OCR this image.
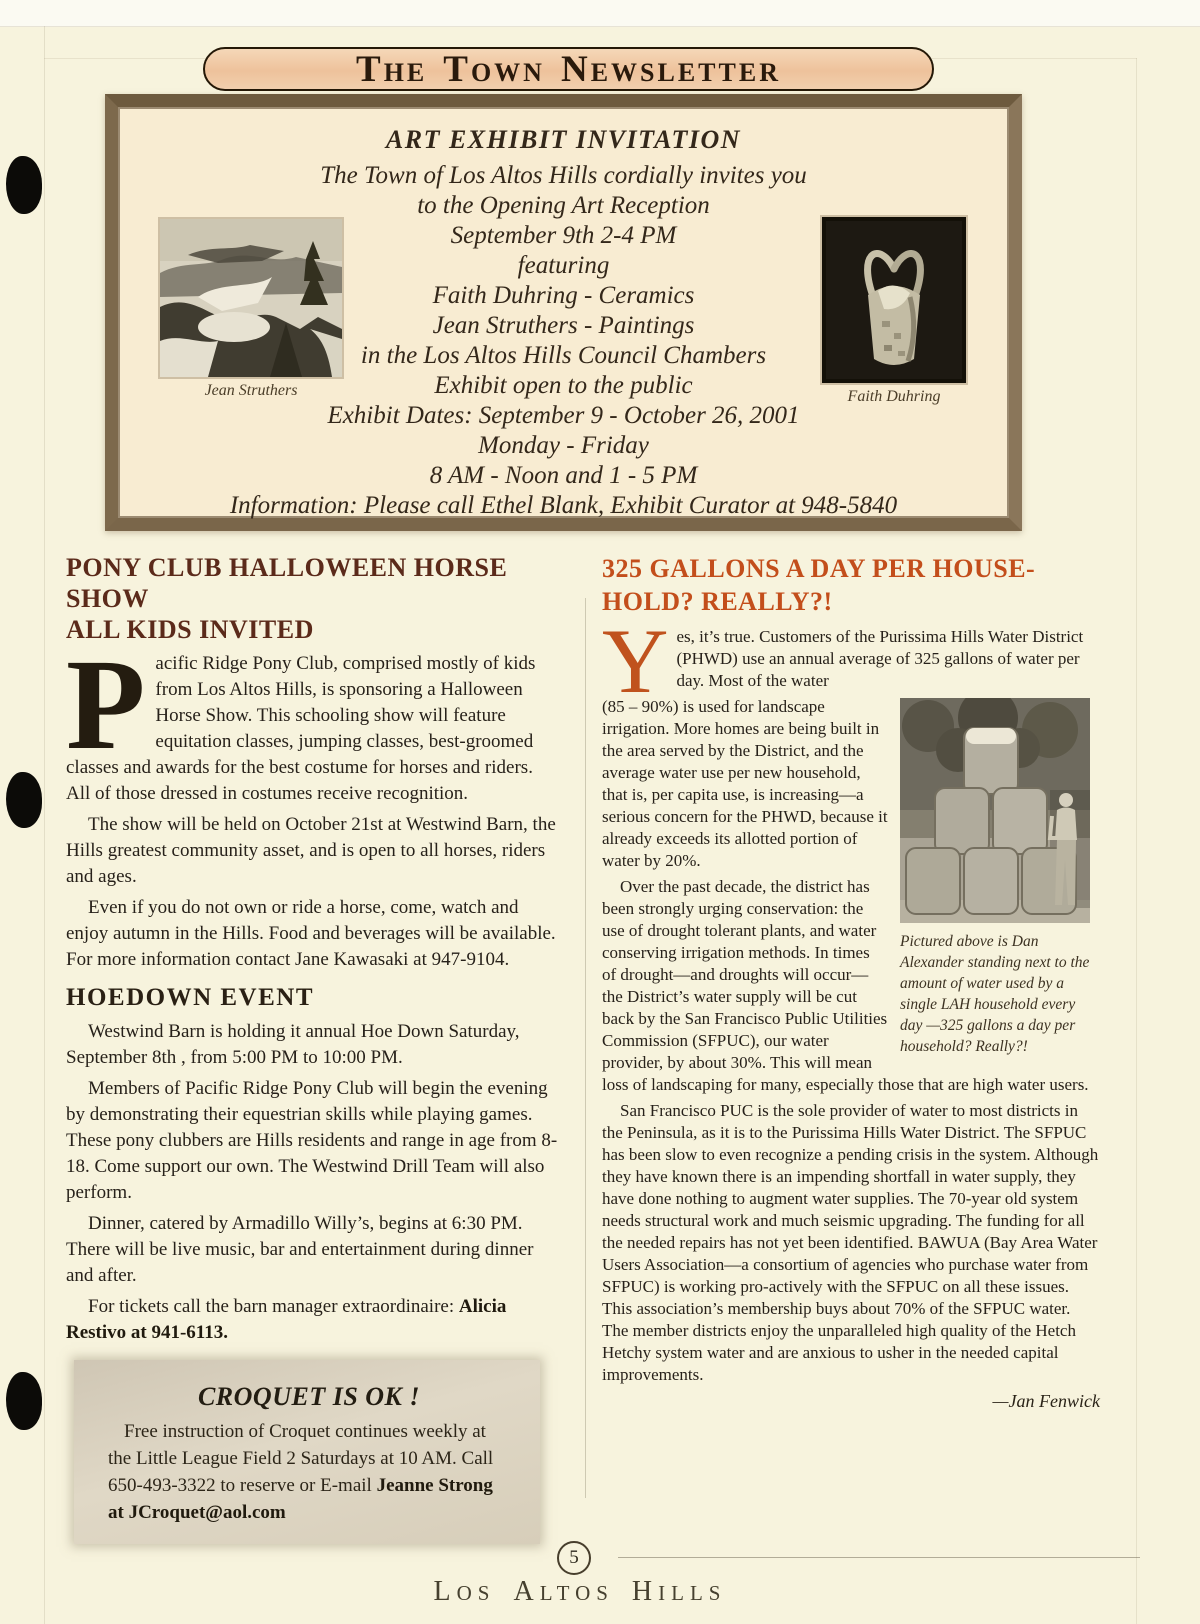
THE TOWN NEWSLETTER
ART EXHIBIT INVITATION
The Town of Los Altos Hills cordially invites you
to the Opening Art Reception
September 9th 2-4 PM
featuring
Faith Duhring - Ceramics
Jean Struthers - Paintings
in the Los Altos Hills Council Chambers
Exhibit open to the public
Exhibit Dates: September 9 - October 26, 2001
Monday - Friday
8 AM - Noon and 1 - 5 PM
Information: Please call Ethel Blank, Exhibit Curator at 948-5840
Jean Struthers	Faith Duhring
PONY CLUB HALLOWEEN HORSE SHOW
ALL KIDS INVITED

Pacific Ridge Pony Club, comprised mostly of kids from Los Altos Hills, is sponsoring a Halloween Horse Show. This schooling show will feature equitation classes, jumping classes, best-groomed classes and awards for the best costume for horses and riders. All of those dressed in costumes receive recognition.

The show will be held on October 21st at Westwind Barn, the Hills greatest community asset, and is open to all horses, riders and ages.

Even if you do not own or ride a horse, come, watch and enjoy autumn in the Hills. Food and beverages will be available. For more information contact Jane Kawasaki at 947-9104.

HOEDOWN EVENT

Westwind Barn is holding it annual Hoe Down Saturday, September 8th , from 5:00 PM to 10:00 PM.

Members of Pacific Ridge Pony Club will begin the evening by demonstrating their equestrian skills while playing games. These pony clubbers are Hills residents and range in age from 8-18. Come support our own. The Westwind Drill Team will also perform.

Dinner, catered by Armadillo Willy’s, begins at 6:30 PM. There will be live music, bar and entertainment during dinner and after.

For tickets call the barn manager extraordinaire: Alicia Restivo at 941-6113.

CROQUET IS OK !
Free instruction of Croquet continues weekly at the Little League Field 2 Saturdays at 10 AM. Call 650-493-3322 to reserve or E-mail Jeanne Strong at JCroquet@aol.com
325 GALLONS A DAY PER HOUSE-
HOLD? REALLY?!

Yes, it’s true. Customers of the Purissima Hills Water District (PHWD) use an annual average of 325 gallons of water per day. Most of the water

Pictured above is Dan Alexander standing next to the amount of water used by a single LAH household every day —325 gallons a day per household? Really?!

(85 – 90%) is used for landscape irrigation. More homes are being built in the area served by the District, and the average water use per new household, that is, per capita use, is increasing—a serious concern for the PHWD, because it already exceeds its allotted portion of water by 20%.

Over the past decade, the district has been strongly urging conservation: the use of drought tolerant plants, and water conserving irrigation methods. In times of drought—and droughts will occur—the District’s water supply will be cut back by the San Francisco Public Utilities Commission (SFPUC), our water provider, by about 30%. This will mean loss of landscaping for many, especially those that are high water users.

San Francisco PUC is the sole provider of water to most districts in the Peninsula, as it is to the Purissima Hills Water District. The SFPUC has been slow to even recognize a pending crisis in the system. Although they have known there is an impending shortfall in water supply, they have done nothing to augment water supplies. The 70-year old system needs structural work and much seismic upgrading. The funding for all the needed repairs has not yet been identified. BAWUA (Bay Area Water Users Association—a consortium of agencies who purchase water from SFPUC) is working pro-actively with the SFPUC on all these issues. This association’s membership buys about 70% of the SFPUC water. The member districts enjoy the unparalleled high quality of the Hetch Hetchy system water and are anxious to usher in the needed capital improvements.

—Jan Fenwick
5
LOS ALTOS HILLS
